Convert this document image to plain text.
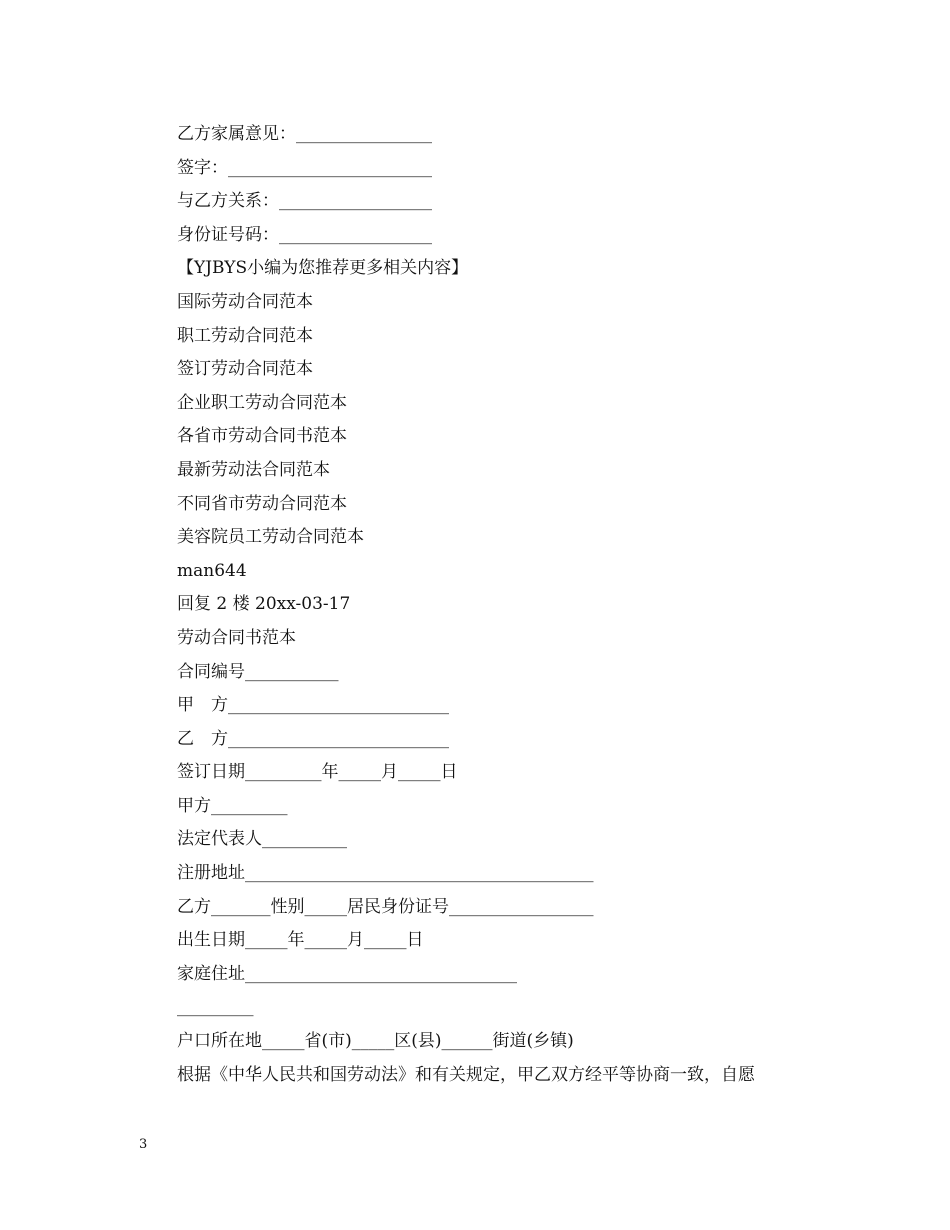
乙方家属意见：________________
签字：________________________
与乙方关系：__________________
身份证号码：__________________
【YJBYS小编为您推荐更多相关内容】
国际劳动合同范本
职工劳动合同范本
签订劳动合同范本
企业职工劳动合同范本
各省市劳动合同书范本
最新劳动法合同范本
不同省市劳动合同范本
美容院员工劳动合同范本
man644
回复 2 楼 20xx-03-17
劳动合同书范本
合同编号___________
甲　方__________________________
乙　方__________________________
签订日期_________年_____月_____日
甲方_________
法定代表人__________
注册地址_________________________________________
乙方_______性别_____居民身份证号_________________
出生日期_____年_____月_____日
家庭住址________________________________
_________
户口所在地_____省(市)_____区(县)______街道(乡镇)
根据《中华人民共和国劳动法》和有关规定，甲乙双方经平等协商一致，自愿
3
